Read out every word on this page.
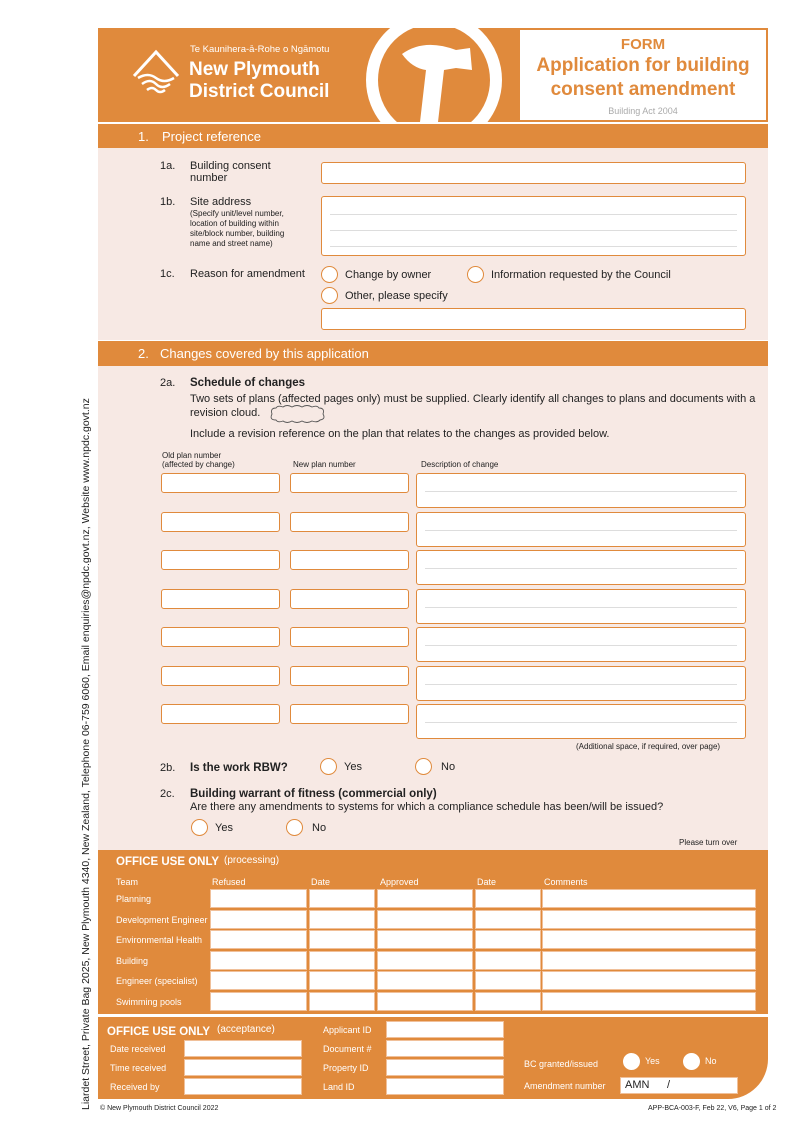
Liardet Street, Private Bag 2025, New Plymouth 4340, New Zealand, Telephone 06-759 6060, Email enquiries@npdc.govt.nz, Website www.npdc.govt.nz
Te Kaunihera-ā-Rohe o Ngāmotu
New Plymouth
District Council
FORM
Application for building
consent amendment
Building Act 2004
1. Project reference
1a. Building consent
number
1b. Site address
(Specify unit/level number,
location of building within
site/block number, building
name and street name)
1c. Reason for amendment	Change by owner	Information requested by the Council
Other, please specify
2. Changes covered by this application
2a. Schedule of changes
Two sets of plans (affected pages only) must be supplied. Clearly identify all changes to plans and documents with a
revision cloud.
Include a revision reference on the plan that relates to the changes as provided below.
Old plan number
(affected by change)	New plan number	Description of change
(Additional space, if required, over page)
2b. Is the work RBW?	Yes	No
2c. Building warrant of fitness (commercial only)
Are there any amendments to systems for which a compliance schedule has been/will be issued?
Yes	No
Please turn over
OFFICE USE ONLY (processing)
Team	Refused	Date	Approved	Date	Comments
Planning
Development Engineer
Environmental Health
Building
Engineer (specialist)
Swimming pools
OFFICE USE ONLY (acceptance)
Date received
Time received
Received by
Applicant ID
Document #
Property ID
Land ID
BC granted/issued	Yes	No
Amendment number AMN /
© New Plymouth District Council 2022	APP-BCA-003-F, Feb 22, V6, Page 1 of 2
